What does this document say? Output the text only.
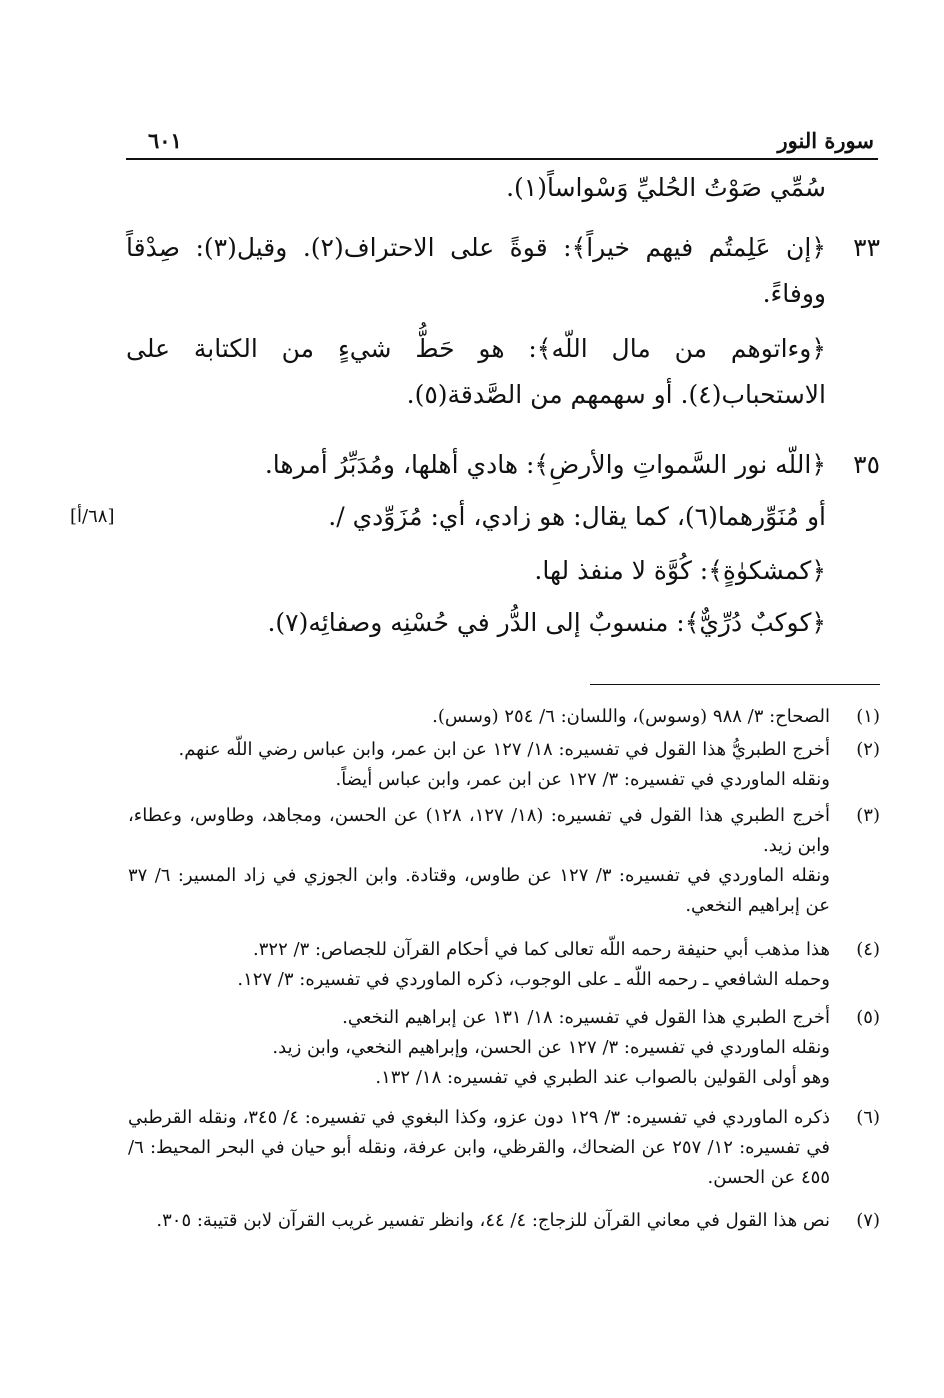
سورة النور
٦٠١
سُمِّي صَوْتُ الحُليِّ وَسْواساً(١).
٣٣
﴿إن عَلِمتُم فيهم خيراً﴾: قوةً على الاحتراف(٢). وقيل(٣): صِدْقاً ووفاءً.
﴿وءاتوهم من مال اللّه﴾: هو حَطُّ شيءٍ من الكتابة على الاستحباب(٤). أو سهمهم من الصَّدقة(٥).
٣٥
﴿اللّه نور السَّمواتِ والأرضِ﴾: هادي أهلها، ومُدَبِّرُ أمرها.
أو مُنَوِّرهما(٦)، كما يقال: هو زادي، أي: مُزَوِّدي /.
[٦٨/أ]
﴿كمشكوٰةٍ﴾: كُوَّة لا منفذ لها.
﴿كوكبٌ دُرِّيٌّ﴾: منسوبٌ إلى الدُّر في حُسْنِه وصفائِه(٧).
(١)
الصحاح: ٣/ ٩٨٨ (وسوس)، واللسان: ٦/ ٢٥٤ (وسس).
(٢)
أخرج الطبريُّ هذا القول في تفسيره: ١٨/ ١٢٧ عن ابن عمر، وابن عباس رضي اللّه عنهم.
ونقله الماوردي في تفسيره: ٣/ ١٢٧ عن ابن عمر، وابن عباس أيضاً.
(٣)
أخرج الطبري هذا القول في تفسيره: (١٨/ ١٢٧، ١٢٨) عن الحسن، ومجاهد، وطاوس، وعطاء، وابن زيد.
ونقله الماوردي في تفسيره: ٣/ ١٢٧ عن طاوس، وقتادة. وابن الجوزي في زاد المسير: ٦/ ٣٧ عن إبراهيم النخعي.
(٤)
هذا مذهب أبي حنيفة رحمه اللّه تعالى كما في أحكام القرآن للجصاص: ٣/ ٣٢٢.
وحمله الشافعي ـ رحمه اللّه ـ على الوجوب، ذكره الماوردي في تفسيره: ٣/ ١٢٧.
(٥)
أخرج الطبري هذا القول في تفسيره: ١٨/ ١٣١ عن إبراهيم النخعي.
ونقله الماوردي في تفسيره: ٣/ ١٢٧ عن الحسن، وإبراهيم النخعي، وابن زيد.
وهو أولى القولين بالصواب عند الطبري في تفسيره: ١٨/ ١٣٢.
(٦)
ذكره الماوردي في تفسيره: ٣/ ١٢٩ دون عزو، وكذا البغوي في تفسيره: ٤/ ٣٤٥، ونقله القرطبي في تفسيره: ١٢/ ٢٥٧ عن الضحاك، والقرظي، وابن عرفة، ونقله أبو حيان في البحر المحيط: ٦/ ٤٥٥ عن الحسن.
(٧)
نص هذا القول في معاني القرآن للزجاج: ٤/ ٤٤، وانظر تفسير غريب القرآن لابن قتيبة: ٣٠٥.
